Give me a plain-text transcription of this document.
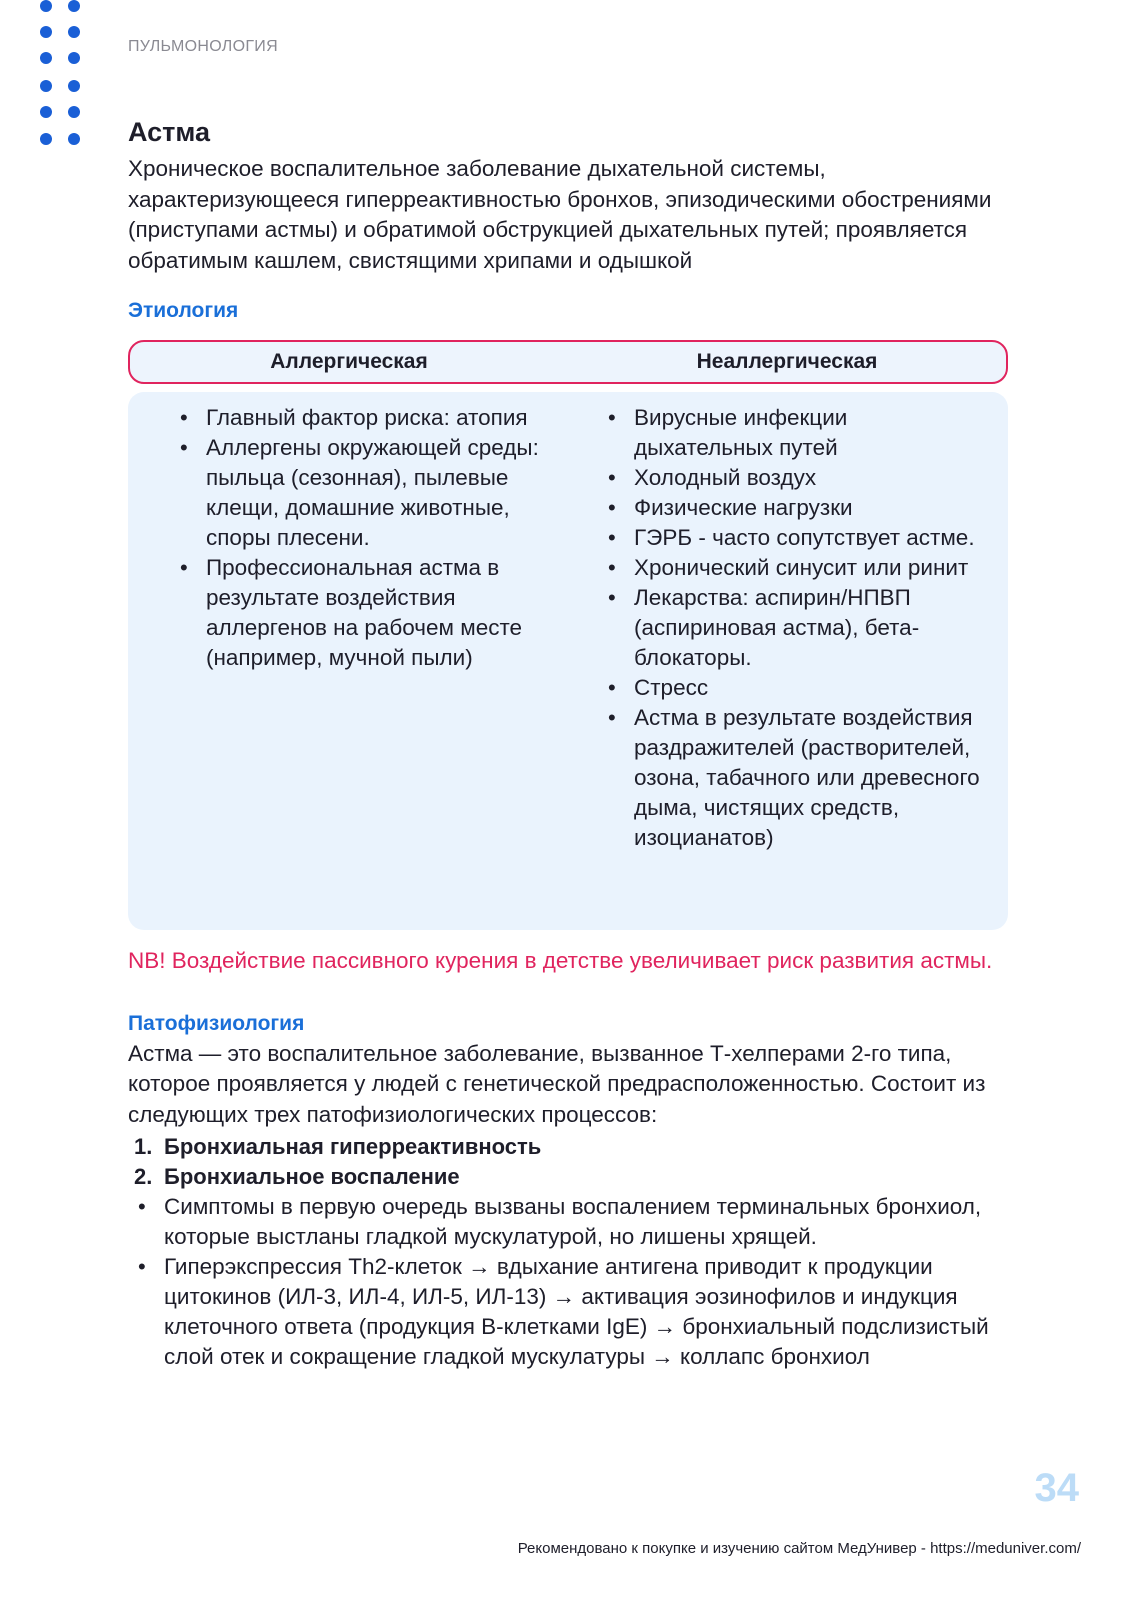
ПУЛЬМОНОЛОГИЯ
Астма

Хроническое воспалительное заболевание дыхательной системы, характеризующееся гиперреактивностью бронхов, эпизодическими обострениями (приступами астмы) и обратимой обструкцией дыхательных путей; проявляется обратимым кашлем, свистящими хрипами и одышкой

Этиология
Аллергическая	Неаллергическая
• Главный фактор риска: атопия
• Аллергены окружающей среды: пыльца (сезонная), пылевые клещи, домашние животные, споры плесени.
• Профессиональная астма в результате воздействия аллергенов на рабочем месте (например, мучной пыли)
• Вирусные инфекции дыхательных путей
• Холодный воздух
• Физические нагрузки
• ГЭРБ - часто сопутствует астме.
• Хронический синусит или ринит
• Лекарства: аспирин/НПВП (аспириновая астма), бета-блокаторы.
• Стресс
• Астма в результате воздействия раздражителей (растворителей, озона, табачного или древесного дыма, чистящих средств, изоцианатов)
NB! Воздействие пассивного курения в детстве увеличивает риск развития астмы.
Патофизиология

Астма — это воспалительное заболевание, вызванное Т-хелперами 2-го типа, которое проявляется у людей с генетической предрасположенностью. Состоит из следующих трех патофизиологических процессов:

1. Бронхиальная гиперреактивность
2. Бронхиальное воспаление
• Симптомы в первую очередь вызваны воспалением терминальных бронхиол, которые выстланы гладкой мускулатурой, но лишены хрящей.
• Гиперэкспрессия Th2-клеток → вдыхание антигена приводит к продукции цитокинов (ИЛ-3, ИЛ-4, ИЛ-5, ИЛ-13) → активация эозинофилов и индукция клеточного ответа (продукция В-клетками IgE) → бронхиальный подслизистый слой отек и сокращение гладкой мускулатуры → коллапс бронхиол
34
Рекомендовано к покупке и изучению сайтом МедУнивер - https://meduniver.com/
